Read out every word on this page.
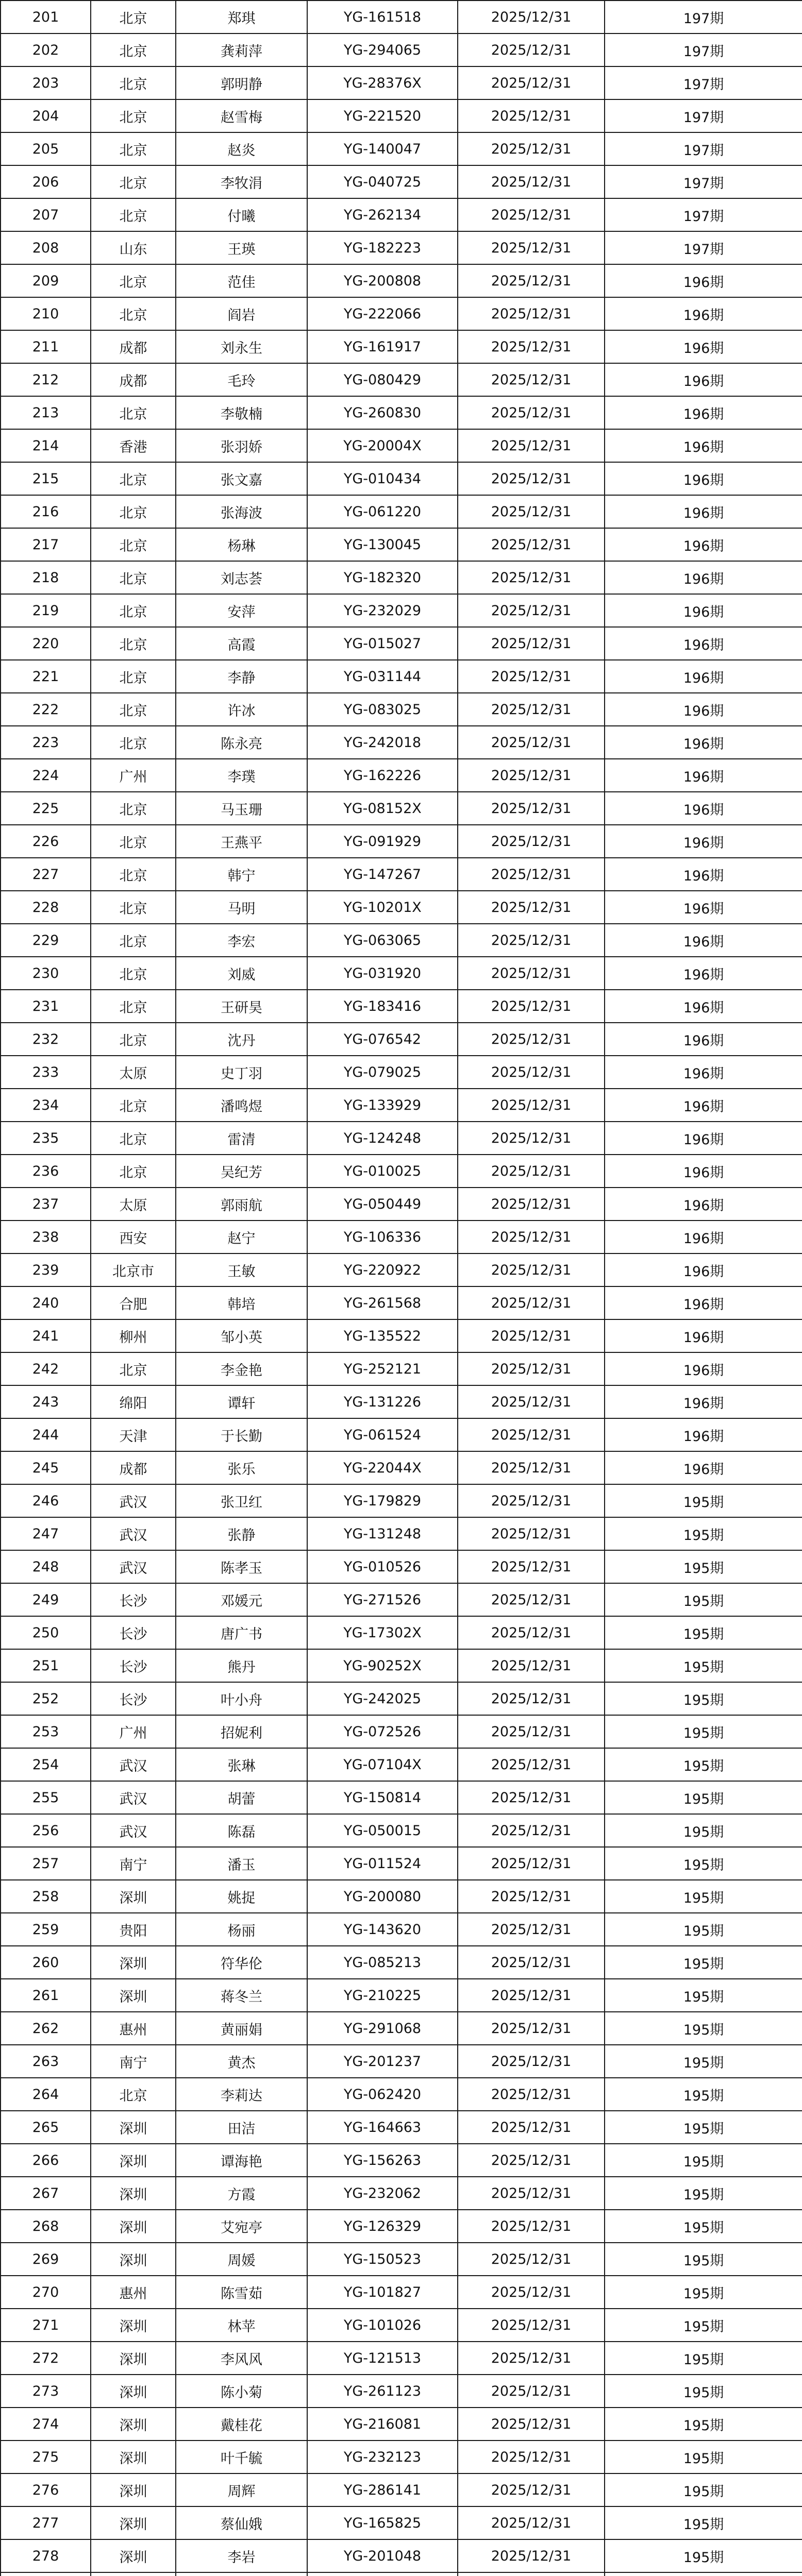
201	北京	郑琪	YG-161518	2025/12/31	197期
202	北京	龚莉萍	YG-294065	2025/12/31	197期
203	北京	郭明静	YG-28376X	2025/12/31	197期
204	北京	赵雪梅	YG-221520	2025/12/31	197期
205	北京	赵炎	YG-140047	2025/12/31	197期
206	北京	李牧涓	YG-040725	2025/12/31	197期
207	北京	付曦	YG-262134	2025/12/31	197期
208	山东	王瑛	YG-182223	2025/12/31	197期
209	北京	范佳	YG-200808	2025/12/31	196期
210	北京	阎岩	YG-222066	2025/12/31	196期
211	成都	刘永生	YG-161917	2025/12/31	196期
212	成都	毛玲	YG-080429	2025/12/31	196期
213	北京	李敬楠	YG-260830	2025/12/31	196期
214	香港	张羽娇	YG-20004X	2025/12/31	196期
215	北京	张文嘉	YG-010434	2025/12/31	196期
216	北京	张海波	YG-061220	2025/12/31	196期
217	北京	杨琳	YG-130045	2025/12/31	196期
218	北京	刘志荟	YG-182320	2025/12/31	196期
219	北京	安萍	YG-232029	2025/12/31	196期
220	北京	高霞	YG-015027	2025/12/31	196期
221	北京	李静	YG-031144	2025/12/31	196期
222	北京	许冰	YG-083025	2025/12/31	196期
223	北京	陈永亮	YG-242018	2025/12/31	196期
224	广州	李璞	YG-162226	2025/12/31	196期
225	北京	马玉珊	YG-08152X	2025/12/31	196期
226	北京	王燕平	YG-091929	2025/12/31	196期
227	北京	韩宁	YG-147267	2025/12/31	196期
228	北京	马明	YG-10201X	2025/12/31	196期
229	北京	李宏	YG-063065	2025/12/31	196期
230	北京	刘威	YG-031920	2025/12/31	196期
231	北京	王研昊	YG-183416	2025/12/31	196期
232	北京	沈丹	YG-076542	2025/12/31	196期
233	太原	史丁羽	YG-079025	2025/12/31	196期
234	北京	潘鸣煜	YG-133929	2025/12/31	196期
235	北京	雷清	YG-124248	2025/12/31	196期
236	北京	吴纪芳	YG-010025	2025/12/31	196期
237	太原	郭雨航	YG-050449	2025/12/31	196期
238	西安	赵宁	YG-106336	2025/12/31	196期
239	北京市	王敏	YG-220922	2025/12/31	196期
240	合肥	韩培	YG-261568	2025/12/31	196期
241	柳州	邹小英	YG-135522	2025/12/31	196期
242	北京	李金艳	YG-252121	2025/12/31	196期
243	绵阳	谭轩	YG-131226	2025/12/31	196期
244	天津	于长勤	YG-061524	2025/12/31	196期
245	成都	张乐	YG-22044X	2025/12/31	196期
246	武汉	张卫红	YG-179829	2025/12/31	195期
247	武汉	张静	YG-131248	2025/12/31	195期
248	武汉	陈孝玉	YG-010526	2025/12/31	195期
249	长沙	邓媛元	YG-271526	2025/12/31	195期
250	长沙	唐广书	YG-17302X	2025/12/31	195期
251	长沙	熊丹	YG-90252X	2025/12/31	195期
252	长沙	叶小舟	YG-242025	2025/12/31	195期
253	广州	招妮利	YG-072526	2025/12/31	195期
254	武汉	张琳	YG-07104X	2025/12/31	195期
255	武汉	胡蕾	YG-150814	2025/12/31	195期
256	武汉	陈磊	YG-050015	2025/12/31	195期
257	南宁	潘玉	YG-011524	2025/12/31	195期
258	深圳	姚捉	YG-200080	2025/12/31	195期
259	贵阳	杨丽	YG-143620	2025/12/31	195期
260	深圳	符华伦	YG-085213	2025/12/31	195期
261	深圳	蒋冬兰	YG-210225	2025/12/31	195期
262	惠州	黄丽娟	YG-291068	2025/12/31	195期
263	南宁	黄杰	YG-201237	2025/12/31	195期
264	北京	李莉达	YG-062420	2025/12/31	195期
265	深圳	田洁	YG-164663	2025/12/31	195期
266	深圳	谭海艳	YG-156263	2025/12/31	195期
267	深圳	方霞	YG-232062	2025/12/31	195期
268	深圳	艾宛亭	YG-126329	2025/12/31	195期
269	深圳	周媛	YG-150523	2025/12/31	195期
270	惠州	陈雪茹	YG-101827	2025/12/31	195期
271	深圳	林苹	YG-101026	2025/12/31	195期
272	深圳	李风风	YG-121513	2025/12/31	195期
273	深圳	陈小菊	YG-261123	2025/12/31	195期
274	深圳	戴桂花	YG-216081	2025/12/31	195期
275	深圳	叶千毓	YG-232123	2025/12/31	195期
276	深圳	周辉	YG-286141	2025/12/31	195期
277	深圳	蔡仙娥	YG-165825	2025/12/31	195期
278	深圳	李岩	YG-201048	2025/12/31	195期
